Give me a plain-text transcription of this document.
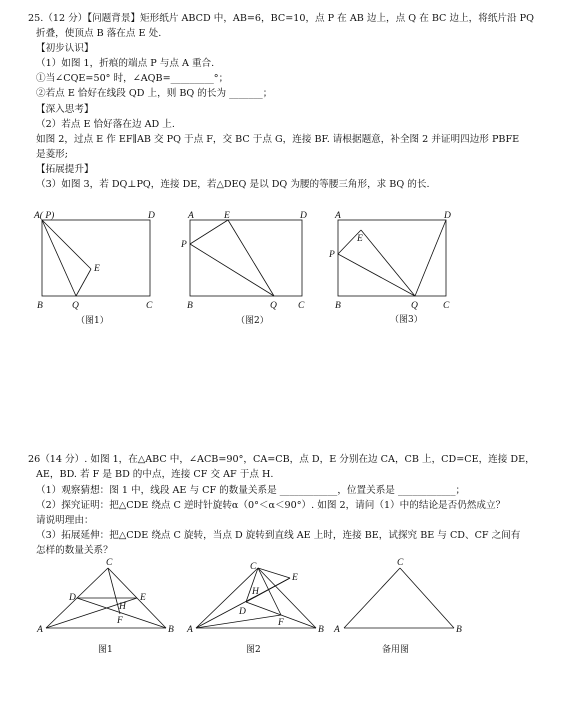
25.（12 分）【问题背景】矩形纸片 ABCD 中，AB=6，BC=10，点 P 在 AB 边上，点 Q 在 BC 边上，将纸片沿 PQ
折叠，使顶点 B 落在点 E 处.
【初步认识】
（1）如图 1，折痕的端点 P 与点 A 重合.
①当∠CQE=50° 时，∠AQB=_________°；
②若点 E 恰好在线段 QD 上，则 BQ 的长为 _______；
【深入思考】
（2）若点 E 恰好落在边 AD 上.
如图 2，过点 E 作 EF∥AB 交 PQ 于点 F，交 BC 于点 G，连接 BF. 请根据题意，补全图 2 并证明四边形 PBFE
是菱形;
【拓展提升】
（3）如图 3，若 DQ⊥PQ，连接 DE，若△DEQ 是以 DQ 为腰的等腰三角形，求 BQ 的长.
A( P)	D
E
B	Q	C
（图1）
A	E	D
P
B	Q C
（图2）
A	D
E
P
B	Q	C
（图3）
26（14 分）. 如图 1，在△ABC 中，∠ACB=90°，CA=CB，点 D，E 分别在边 CA，CB 上，CD=CE，连接 DE，
AE，BD. 若 F 是 BD 的中点，连接 CF 交 AF 于点 H.
（1）观察猜想：图 1 中，线段 AE 与 CF 的数量关系是 ____________，位置关系是 ____________；
（2）探究证明：把△CDE 绕点 C 逆时针旋转α（0°＜α＜90°）. 如图 2，请问（1）中的结论是否仍然成立？
请说明理由：
（3）拓展延伸：把△CDE 绕点 C 旋转，当点 D 旋转到直线 AE 上时，连接 BE，试探究 BE 与 CD、CF 之间有
怎样的数量关系？
C
D	E
H
F
A	B
图1
C
E
H
D
F
A	B
图2
C
A	B
备用图
